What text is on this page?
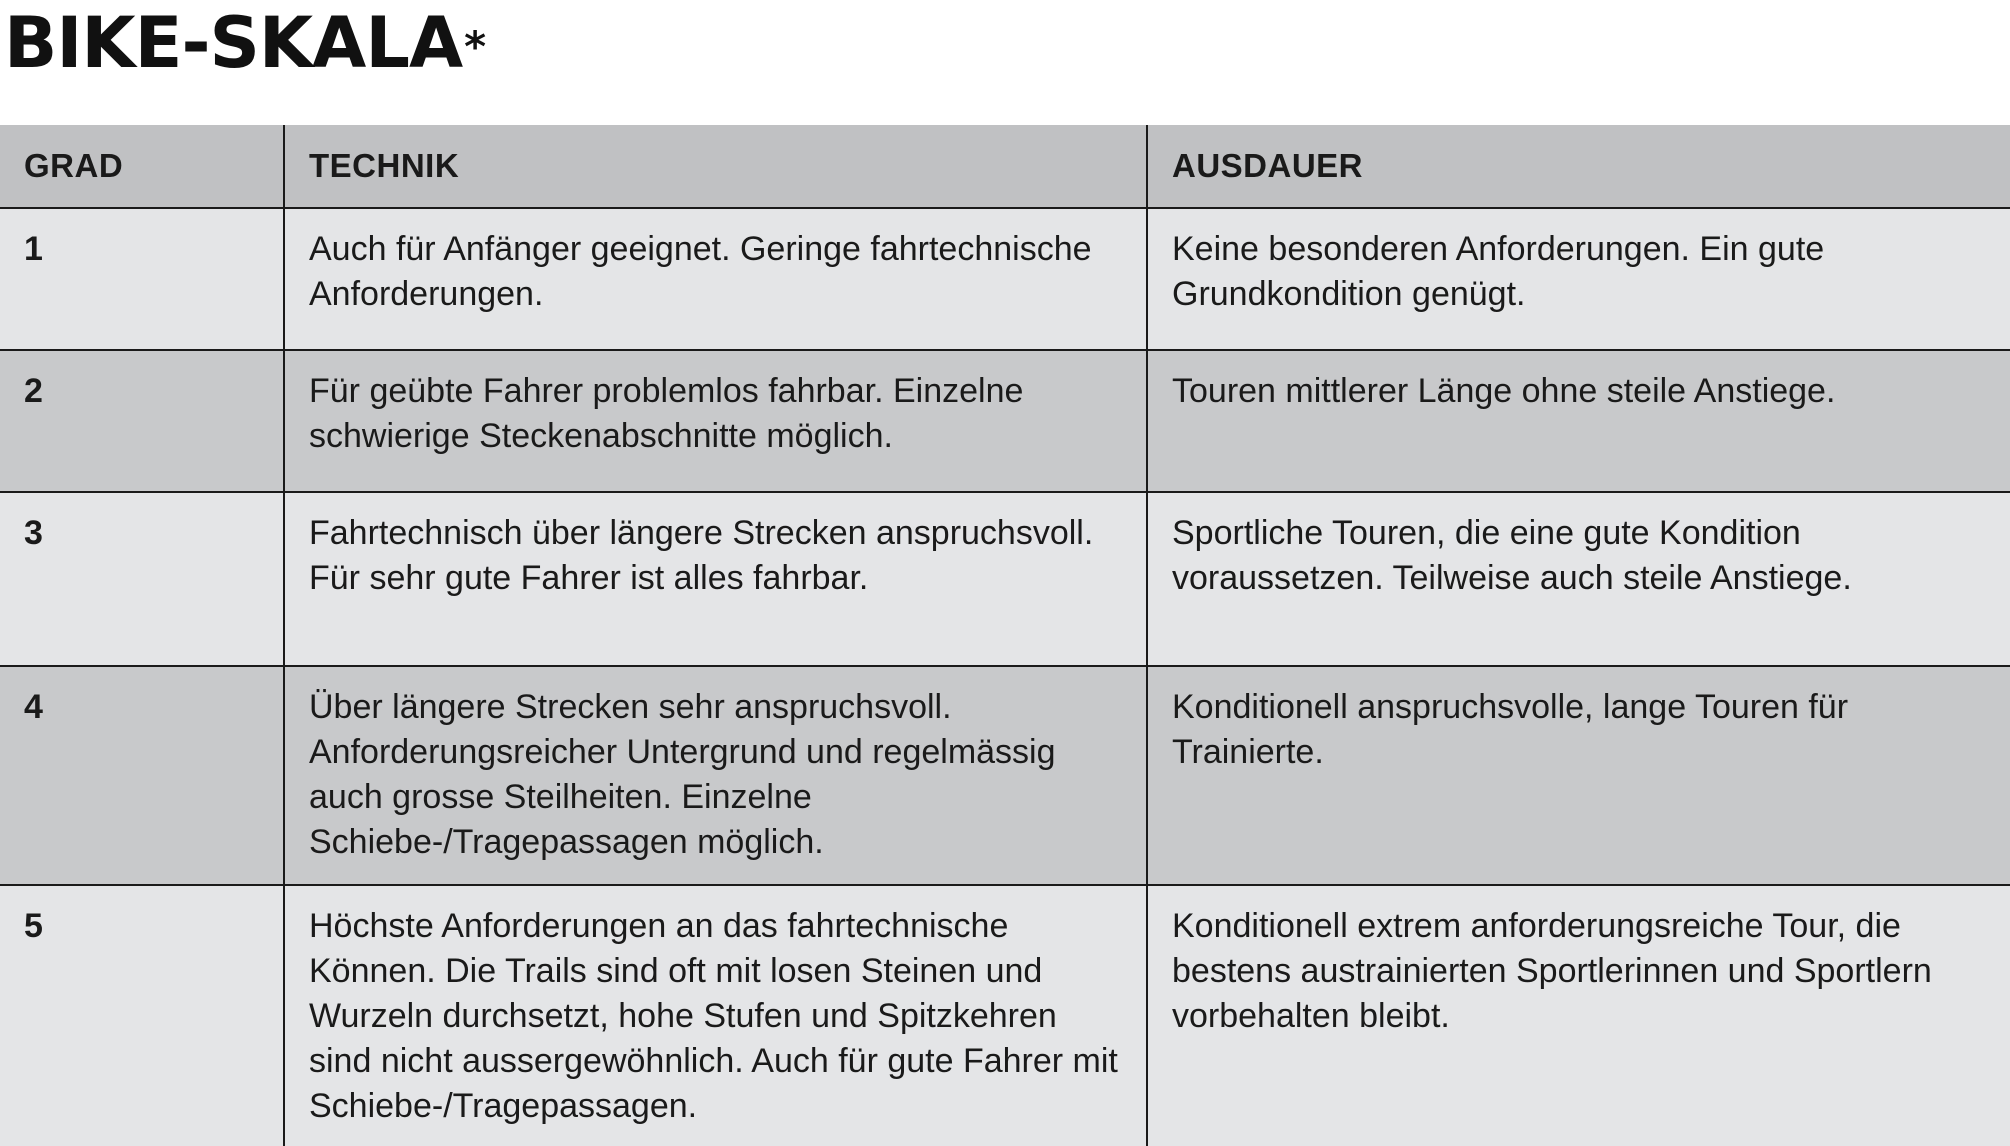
BIKE-SKALA*
GRAD	TECHNIK	AUSDAUER
1	Auch für Anfänger geeignet. Geringe fahrtechnische Anforderungen.	Keine besonderen Anforderungen. Ein gute Grundkondition genügt.
2	Für geübte Fahrer problemlos fahrbar. Einzelne schwierige Steckenabschnitte möglich.	Touren mittlerer Länge ohne steile Anstiege.
3	Fahrtechnisch über längere Strecken anspruchsvoll. Für sehr gute Fahrer ist alles fahrbar.	Sportliche Touren, die eine gute Kondition voraussetzen. Teilweise auch steile Anstiege.
4	Über längere Strecken sehr anspruchsvoll. Anforderungsreicher Untergrund und regelmässig auch grosse Steilheiten. Einzelne Schiebe-/Tragepassagen möglich.	Konditionell anspruchsvolle, lange Touren für Trainierte.
5	Höchste Anforderungen an das fahrtechnische Können. Die Trails sind oft mit losen Steinen und Wurzeln durchsetzt, hohe Stufen und Spitzkehren sind nicht aussergewöhnlich. Auch für gute Fahrer mit Schiebe-/Tragepassagen.	Konditionell extrem anforderungsreiche Tour, die bestens austrainierten Sportlerinnen und Sportlern vorbehalten bleibt.
